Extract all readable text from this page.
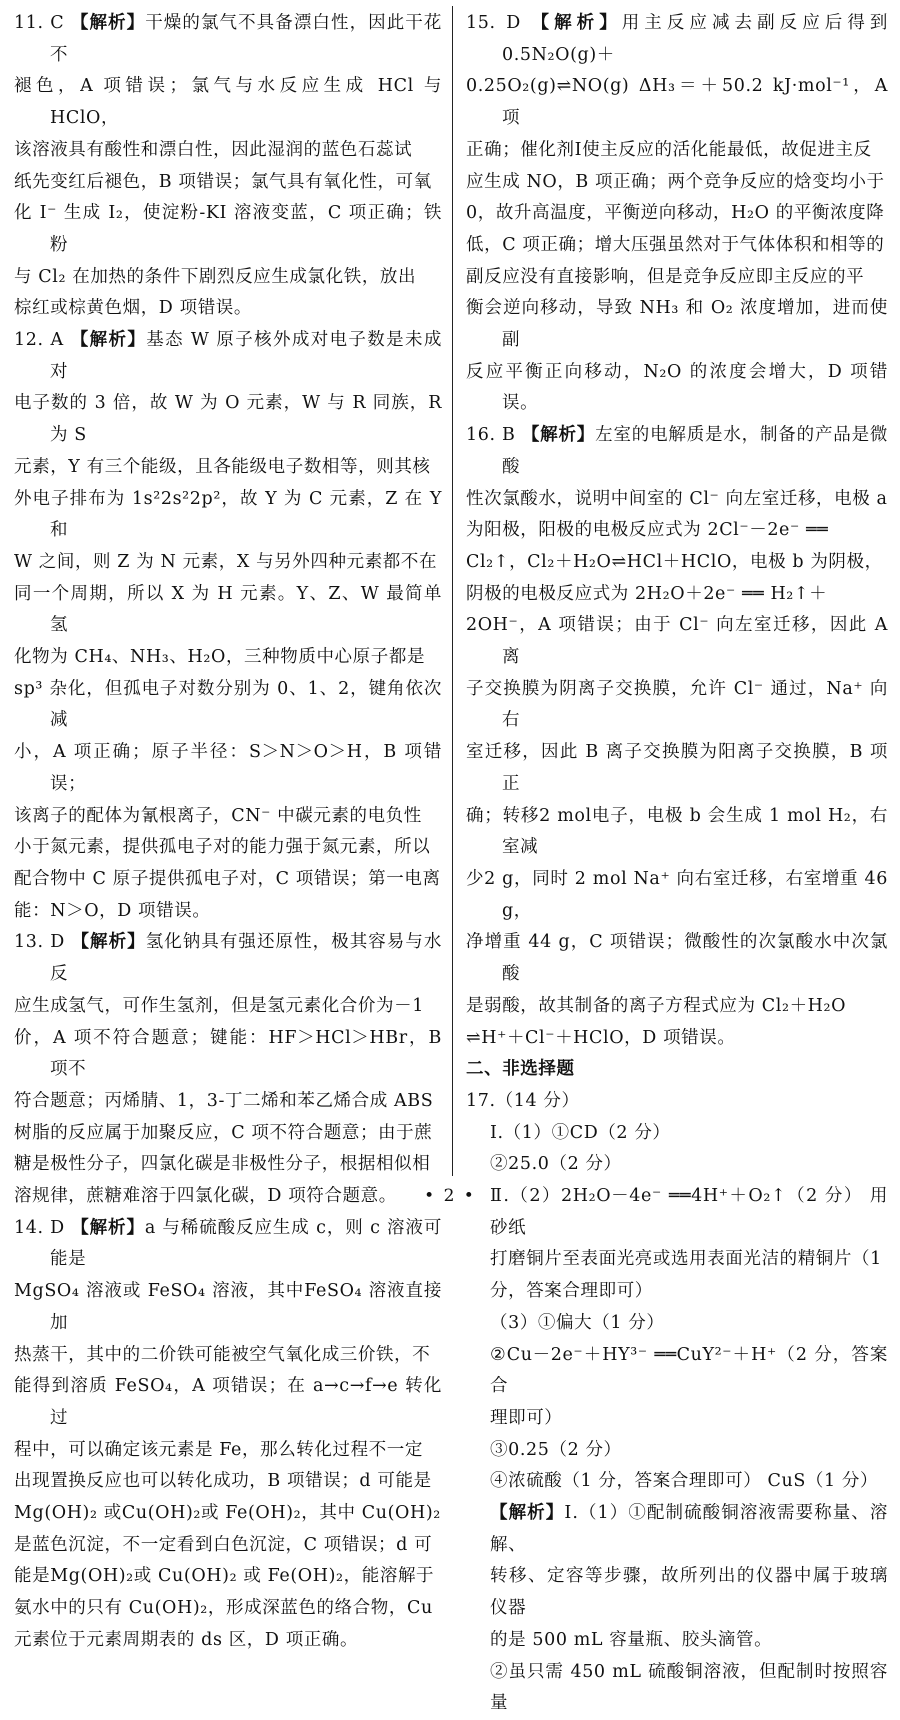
11. C 【解析】干燥的氯气不具备漂白性，因此干花不
褪色，A 项错误；氯气与水反应生成 HCl 与 HClO，
该溶液具有酸性和漂白性，因此湿润的蓝色石蕊试
纸先变红后褪色，B 项错误；氯气具有氧化性，可氧
化 I⁻ 生成 I₂，使淀粉-KI 溶液变蓝，C 项正确；铁粉
与 Cl₂ 在加热的条件下剧烈反应生成氯化铁，放出
棕红或棕黄色烟，D 项错误。
12. A 【解析】基态 W 原子核外成对电子数是未成对
电子数的 3 倍，故 W 为 O 元素，W 与 R 同族，R 为 S
元素，Y 有三个能级，且各能级电子数相等，则其核
外电子排布为 1s²2s²2p²，故 Y 为 C 元素，Z 在 Y 和
W 之间，则 Z 为 N 元素，X 与另外四种元素都不在
同一个周期，所以 X 为 H 元素。Y、Z、W 最简单氢
化物为 CH₄、NH₃、H₂O，三种物质中心原子都是
sp³ 杂化，但孤电子对数分别为 0、1、2，键角依次减
小，A 项正确；原子半径：S＞N＞O＞H，B 项错误；
该离子的配体为氰根离子，CN⁻ 中碳元素的电负性
小于氮元素，提供孤电子对的能力强于氮元素，所以
配合物中 C 原子提供孤电子对，C 项错误；第一电离
能：N＞O，D 项错误。
13. D 【解析】氢化钠具有强还原性，极其容易与水反
应生成氢气，可作生氢剂，但是氢元素化合价为－1
价，A 项不符合题意；键能：HF＞HCl＞HBr，B 项不
符合题意；丙烯腈、1，3-丁二烯和苯乙烯合成 ABS
树脂的反应属于加聚反应，C 项不符合题意；由于蔗
糖是极性分子，四氯化碳是非极性分子，根据相似相
溶规律，蔗糖难溶于四氯化碳，D 项符合题意。
14. D 【解析】a 与稀硫酸反应生成 c，则 c 溶液可能是
MgSO₄ 溶液或 FeSO₄ 溶液，其中FeSO₄ 溶液直接加
热蒸干，其中的二价铁可能被空气氧化成三价铁，不
能得到溶质 FeSO₄，A 项错误；在 a→c→f→e 转化过
程中，可以确定该元素是 Fe，那么转化过程不一定
出现置换反应也可以转化成功，B 项错误；d 可能是
Mg(OH)₂ 或Cu(OH)₂或 Fe(OH)₂，其中 Cu(OH)₂
是蓝色沉淀，不一定看到白色沉淀，C 项错误；d 可
能是Mg(OH)₂或 Cu(OH)₂ 或 Fe(OH)₂，能溶解于
氨水中的只有 Cu(OH)₂，形成深蓝色的络合物，Cu
元素位于元素周期表的 ds 区，D 项正确。
15. D 【解析】用主反应减去副反应后得到 0.5N₂O(g)＋
0.25O₂(g)⇌NO(g) ΔH₃＝＋50.2 kJ·mol⁻¹，A 项
正确；催化剂Ⅰ使主反应的活化能最低，故促进主反
应生成 NO，B 项正确；两个竞争反应的焓变均小于
0，故升高温度，平衡逆向移动，H₂O 的平衡浓度降
低，C 项正确；增大压强虽然对于气体体积和相等的
副反应没有直接影响，但是竞争反应即主反应的平
衡会逆向移动，导致 NH₃ 和 O₂ 浓度增加，进而使副
反应平衡正向移动，N₂O 的浓度会增大，D 项错误。
16. B 【解析】左室的电解质是水，制备的产品是微酸
性次氯酸水，说明中间室的 Cl⁻ 向左室迁移，电极 a
为阳极，阳极的电极反应式为 2Cl⁻－2e⁻ ══
Cl₂↑，Cl₂＋H₂O⇌HCl＋HClO，电极 b 为阴极，
阴极的电极反应式为 2H₂O＋2e⁻ ══ H₂↑＋
2OH⁻，A 项错误；由于 Cl⁻ 向左室迁移，因此 A 离
子交换膜为阴离子交换膜，允许 Cl⁻ 通过，Na⁺ 向右
室迁移，因此 B 离子交换膜为阳离子交换膜，B 项正
确；转移2 mol电子，电极 b 会生成 1 mol H₂，右室减
少2 g，同时 2 mol Na⁺ 向右室迁移，右室增重 46 g，
净增重 44 g，C 项错误；微酸性的次氯酸水中次氯酸
是弱酸，故其制备的离子方程式应为 Cl₂＋H₂O
⇌H⁺＋Cl⁻＋HClO，D 项错误。
二、非选择题
17.（14 分）
Ⅰ.（1）①CD（2 分）
②25.0（2 分）
Ⅱ.（2）2H₂O－4e⁻ ══4H⁺＋O₂↑（2 分） 用砂纸
打磨铜片至表面光亮或选用表面光洁的精铜片（1
分，答案合理即可）
（3）①偏大（1 分）
②Cu－2e⁻＋HY³⁻ ══CuY²⁻＋H⁺（2 分，答案合
理即可）
③0.25（2 分）
④浓硫酸（1 分，答案合理即可） CuS（1 分）
【解析】Ⅰ.（1）①配制硫酸铜溶液需要称量、溶解、
转移、定容等步骤，故所列出的仪器中属于玻璃仪器
的是 500 mL 容量瓶、胶头滴管。
②虽只需 450 mL 硫酸铜溶液，但配制时按照容量
• 2 •
